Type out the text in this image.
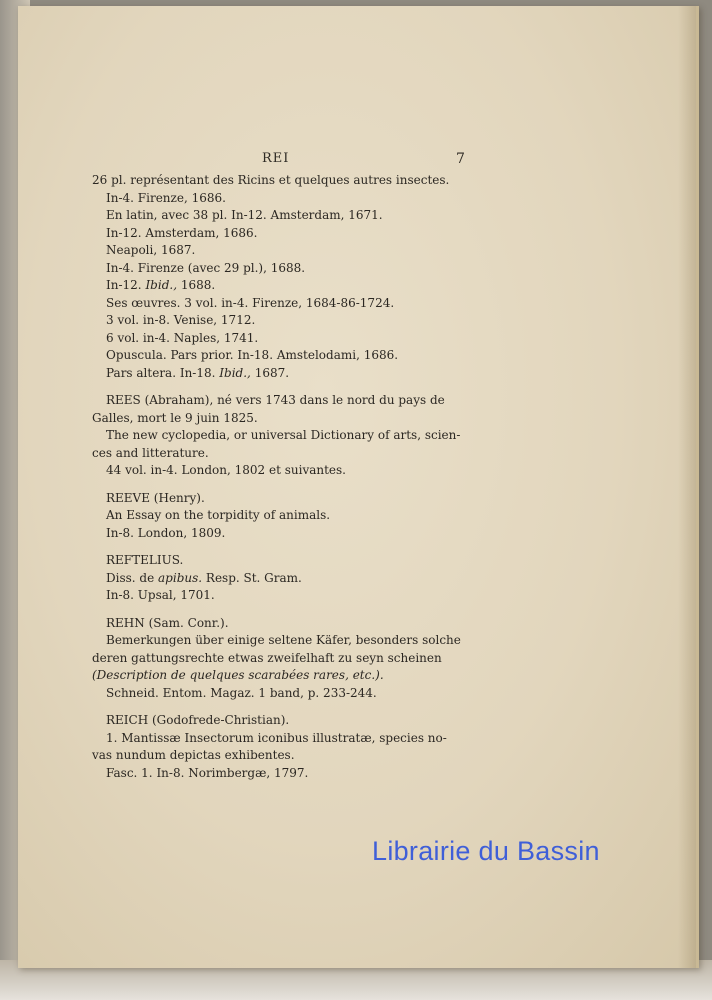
REI	7
26 pl. représentant des Ricins et quelques autres insectes.
In-4. Firenze, 1686.
En latin, avec 38 pl. In-12. Amsterdam, 1671.
In-12. Amsterdam, 1686.
Neapoli, 1687.
In-4. Firenze (avec 29 pl.), 1688.
In-12. Ibid., 1688.
Ses œuvres. 3 vol. in-4. Firenze, 1684-86-1724.
3 vol. in-8. Venise, 1712.
6 vol. in-4. Naples, 1741.
Opuscula. Pars prior. In-18. Amstelodami, 1686.
Pars altera. In-18. Ibid., 1687.
REES (Abraham), né vers 1743 dans le nord du pays de
Galles, mort le 9 juin 1825.
The new cyclopedia, or universal Dictionary of arts, scien-
ces and litterature.
44 vol. in-4. London, 1802 et suivantes.
REEVE (Henry).
An Essay on the torpidity of animals.
In-8. London, 1809.
REFTELIUS.
Diss. de apibus. Resp. St. Gram.
In-8. Upsal, 1701.
REHN (Sam. Conr.).
Bemerkungen über einige seltene Käfer, besonders solche
deren gattungsrechte etwas zweifelhaft zu seyn scheinen
(Description de quelques scarabées rares, etc.).
Schneid. Entom. Magaz. 1 band, p. 233-244.
REICH (Godofrede-Christian).
1. Mantissæ Insectorum iconibus illustratæ, species no-
vas nundum depictas exhibentes.
Fasc. 1. In-8. Norimbergæ, 1797.
Librairie du Bassin
